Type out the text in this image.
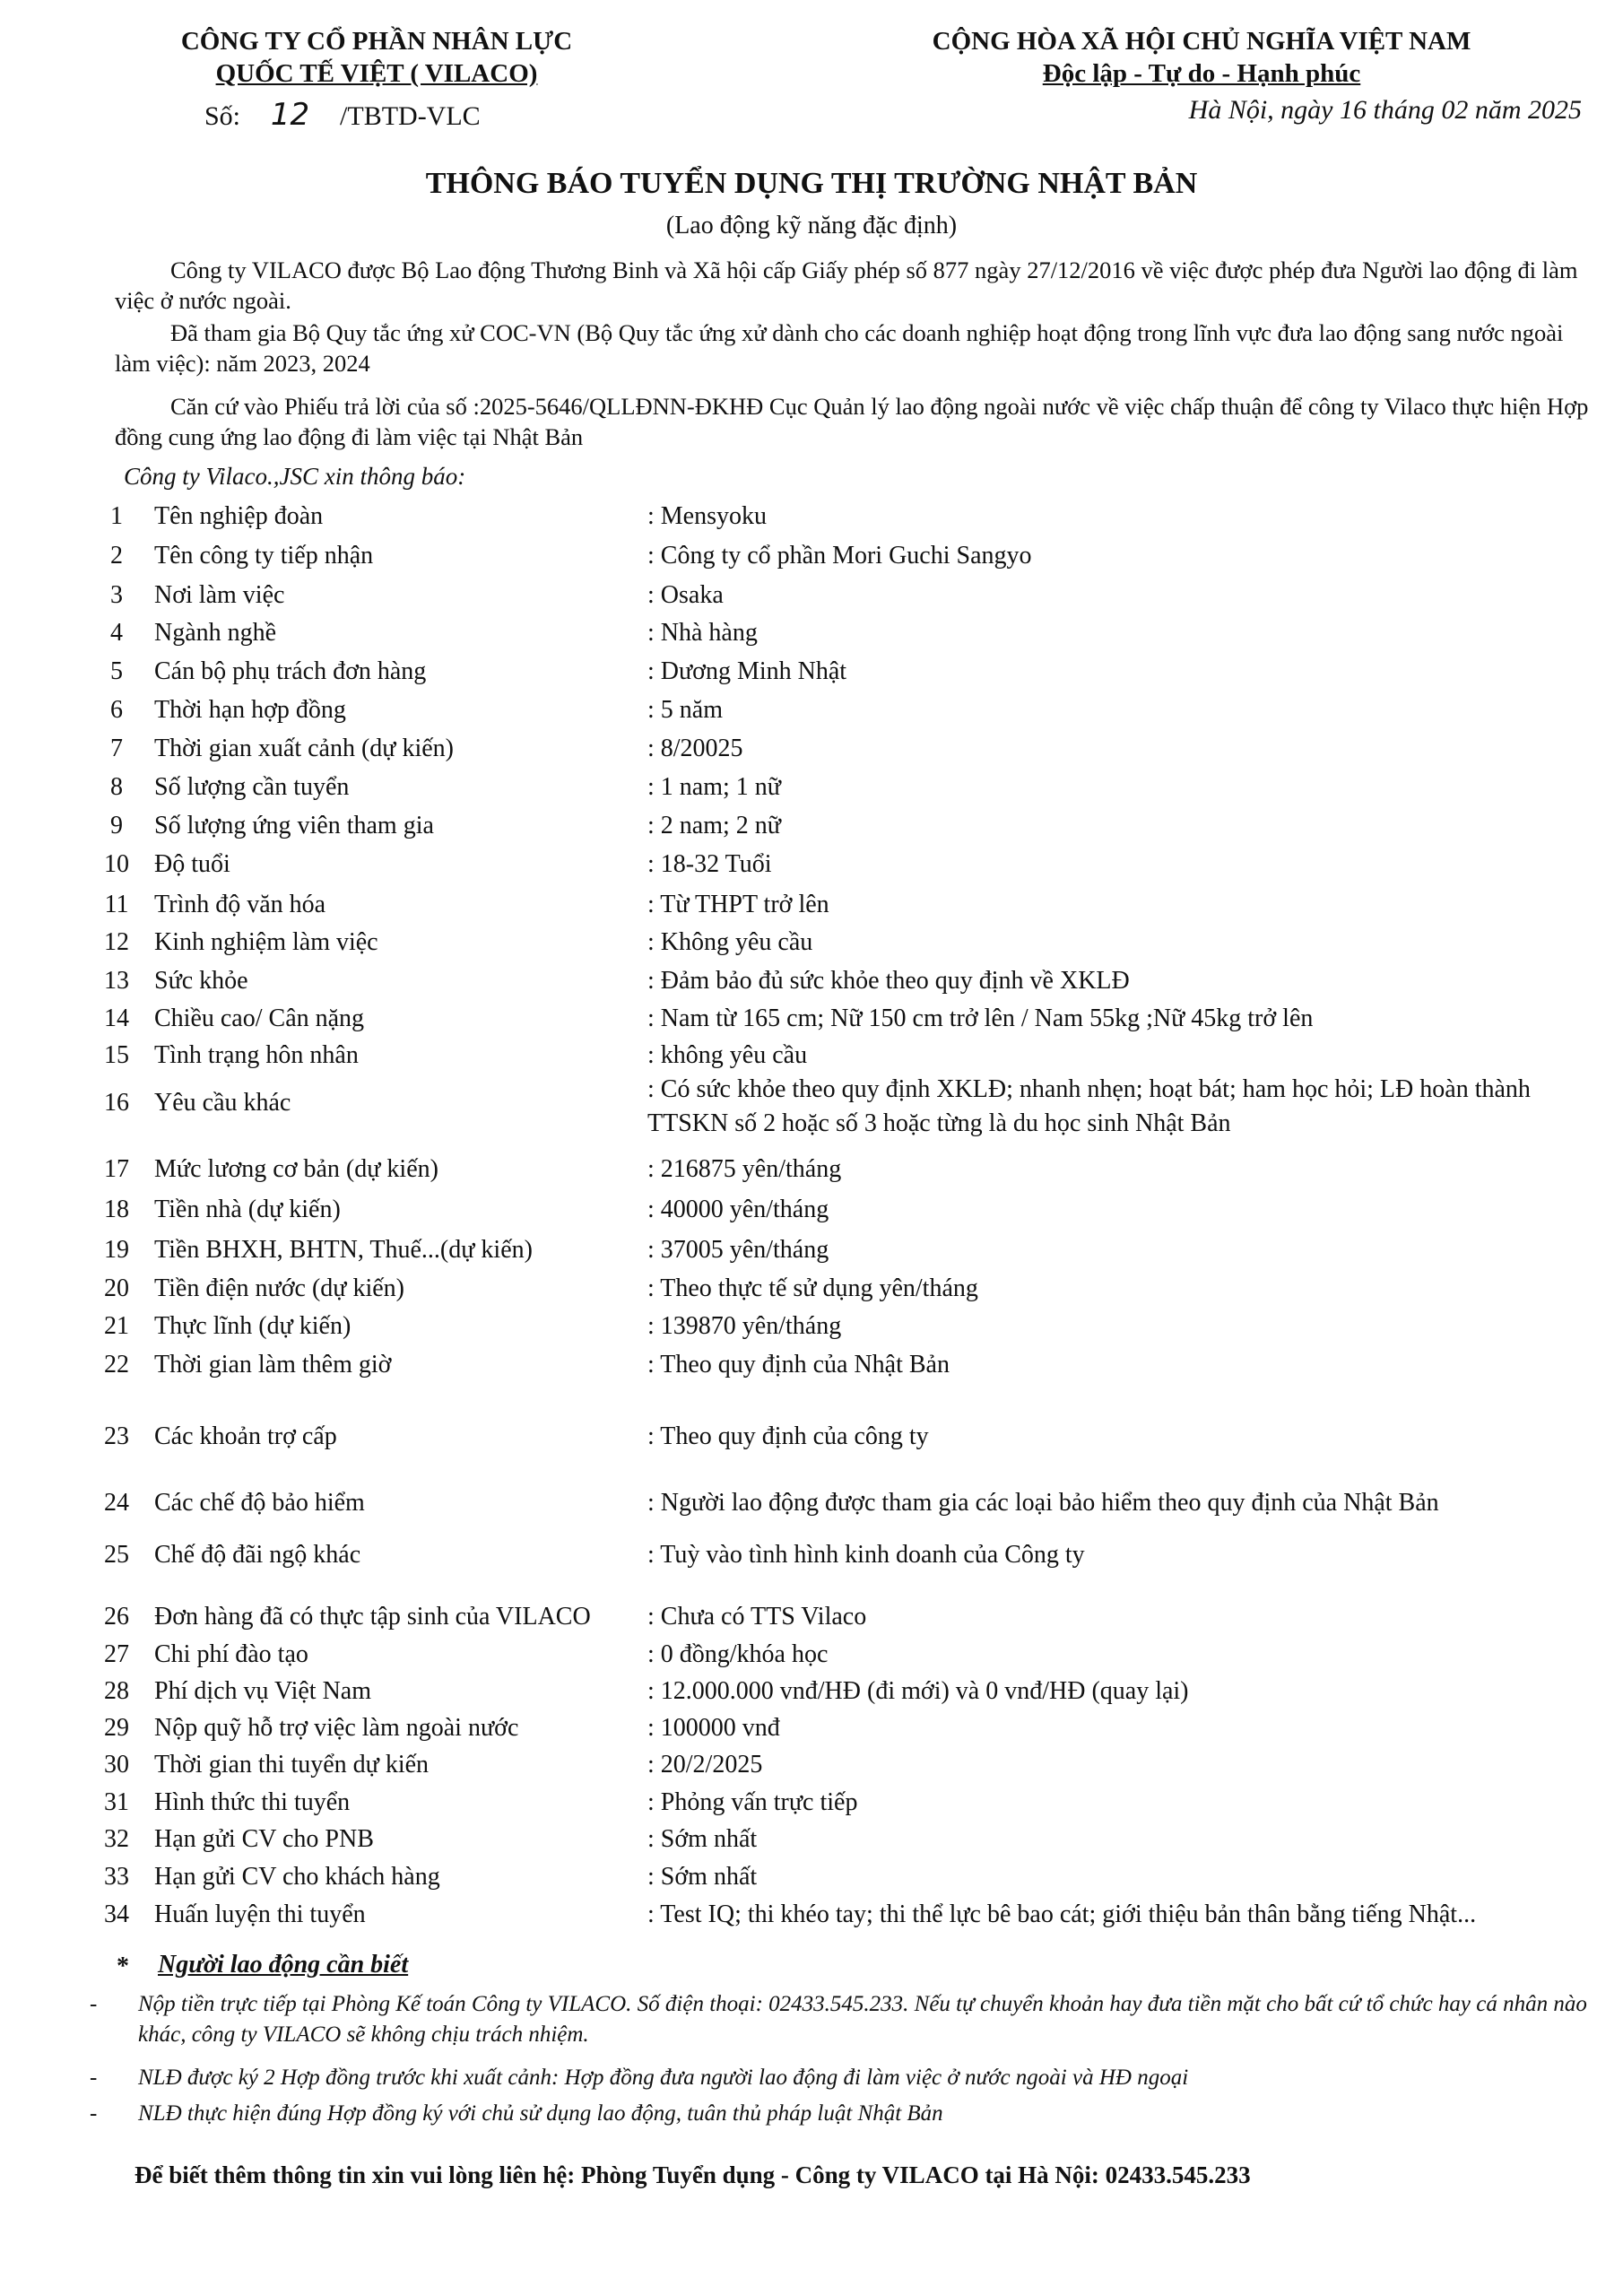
CÔNG TY CỔ PHẦN NHÂN LỰC
QUỐC TẾ VIỆT ( VILACO)
CỘNG HÒA XÃ HỘI CHỦ NGHĨA VIỆT NAM
Độc lập - Tự do - Hạnh phúc
Số: 12 /TBTD-VLC	Hà Nội, ngày 16 tháng 02 năm 2025
THÔNG BÁO TUYỂN DỤNG THỊ TRƯỜNG NHẬT BẢN
(Lao động kỹ năng đặc định)
Công ty VILACO được Bộ Lao động Thương Binh và Xã hội cấp Giấy phép số 877 ngày 27/12/2016 về việc được phép đưa Người lao động đi làm việc ở nước ngoài.
Đã tham gia Bộ Quy tắc ứng xử COC-VN (Bộ Quy tắc ứng xử dành cho các doanh nghiệp hoạt động trong lĩnh vực đưa lao động sang nước ngoài làm việc): năm 2023, 2024
Căn cứ vào Phiếu trả lời của số :2025-5646/QLLĐNN-ĐKHĐ Cục Quản lý lao động ngoài nước về việc chấp thuận để công ty Vilaco thực hiện Hợp đồng cung ứng lao động đi làm việc tại Nhật Bản
Công ty Vilaco.,JSC xin thông báo:
1	Tên nghiệp đoàn	: Mensyoku
2	Tên công ty tiếp nhận	: Công ty cổ phần Mori Guchi Sangyo
3	Nơi làm việc	: Osaka
4	Ngành nghề	: Nhà hàng
5	Cán bộ phụ trách đơn hàng	: Dương Minh Nhật
6	Thời hạn hợp đồng	: 5 năm
7	Thời gian xuất cảnh (dự kiến)	: 8/20025
8	Số lượng cần tuyển	: 1 nam; 1 nữ
9	Số lượng ứng viên tham gia	: 2 nam; 2 nữ
10	Độ tuổi	: 18-32 Tuổi
11	Trình độ văn hóa	: Từ THPT trở lên
12	Kinh nghiệm làm việc	: Không yêu cầu
13	Sức khỏe	: Đảm bảo đủ sức khỏe theo quy định về XKLĐ
14	Chiều cao/ Cân nặng	: Nam từ 165 cm; Nữ 150 cm trở lên / Nam 55kg ;Nữ 45kg trở lên
15	Tình trạng hôn nhân	: không yêu cầu
16	Yêu cầu khác	: Có sức khỏe theo quy định XKLĐ; nhanh nhẹn; hoạt bát; ham học hỏi; LĐ hoàn thành TTSKN số 2 hoặc số 3 hoặc từng là du học sinh Nhật Bản
17	Mức lương cơ bản (dự kiến)	: 216875 yên/tháng
18	Tiền nhà (dự kiến)	: 40000 yên/tháng
19	Tiền BHXH, BHTN, Thuế...(dự kiến)	: 37005 yên/tháng
20	Tiền điện nước (dự kiến)	: Theo thực tế sử dụng yên/tháng
21	Thực lĩnh (dự kiến)	: 139870 yên/tháng
22	Thời gian làm thêm giờ	: Theo quy định của Nhật Bản
23	Các khoản trợ cấp	: Theo quy định của công ty
24	Các chế độ bảo hiểm	: Người lao động được tham gia các loại bảo hiểm theo quy định của Nhật Bản
25	Chế độ đãi ngộ khác	: Tuỳ vào tình hình kinh doanh của Công ty
26	Đơn hàng đã có thực tập sinh của VILACO : Chưa có TTS Vilaco
27	Chi phí đào tạo	: 0 đồng/khóa học
28	Phí dịch vụ Việt Nam	: 12.000.000 vnđ/HĐ (đi mới) và 0 vnđ/HĐ (quay lại)
29	Nộp quỹ hỗ trợ việc làm ngoài nước	: 100000 vnđ
30	Thời gian thi tuyển dự kiến	: 20/2/2025
31	Hình thức thi tuyển	: Phỏng vấn trực tiếp
32	Hạn gửi CV cho PNB	: Sớm nhất
33	Hạn gửi CV cho khách hàng	: Sớm nhất
34	Huấn luyện thi tuyển	: Test IQ; thi khéo tay; thi thể lực bê bao cát; giới thiệu bản thân bằng tiếng Nhật...
* Người lao động cần biết
-	Nộp tiền trực tiếp tại Phòng Kế toán Công ty VILACO. Số điện thoại: 02433.545.233. Nếu tự chuyển khoản hay đưa tiền mặt cho bất cứ tổ chức hay cá nhân nào khác, công ty VILACO sẽ không chịu trách nhiệm.
-	NLĐ được ký 2 Hợp đồng trước khi xuất cảnh: Hợp đồng đưa người lao động đi làm việc ở nước ngoài và HĐ ngoại
-	NLĐ thực hiện đúng Hợp đồng ký với chủ sử dụng lao động, tuân thủ pháp luật Nhật Bản
Để biết thêm thông tin xin vui lòng liên hệ: Phòng Tuyển dụng - Công ty VILACO tại Hà Nội: 02433.545.233
